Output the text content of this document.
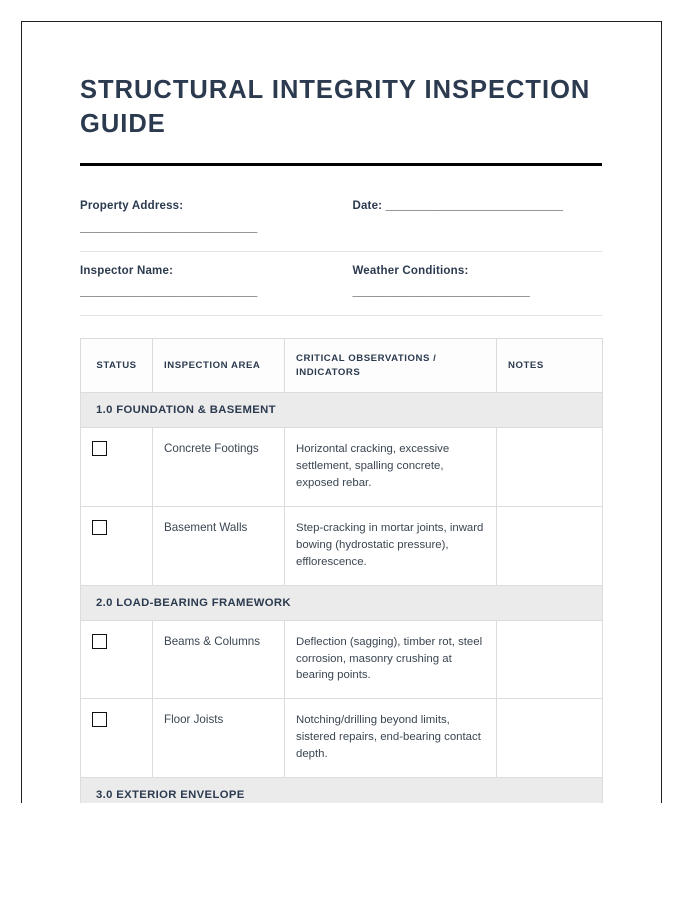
STRUCTURAL INTEGRITY INSPECTION GUIDE
Property Address: ______________________________	Date: ______________________________

Inspector Name: ______________________________	Weather Conditions: ______________________________
STATUS	INSPECTION AREA	CRITICAL OBSERVATIONS / INDICATORS	NOTES
1.0 FOUNDATION & BASEMENT			
	Concrete Footings	Horizontal cracking, excessive settlement, spalling concrete, exposed rebar.	
	Basement Walls	Step-cracking in mortar joints, inward bowing (hydrostatic pressure), efflorescence.	
2.0 LOAD-BEARING FRAMEWORK			
	Beams & Columns	Deflection (sagging), timber rot, steel corrosion, masonry crushing at bearing points.	
	Floor Joists	Notching/drilling beyond limits, sistered repairs, end-bearing contact depth.	
3.0 EXTERIOR ENVELOPE			
